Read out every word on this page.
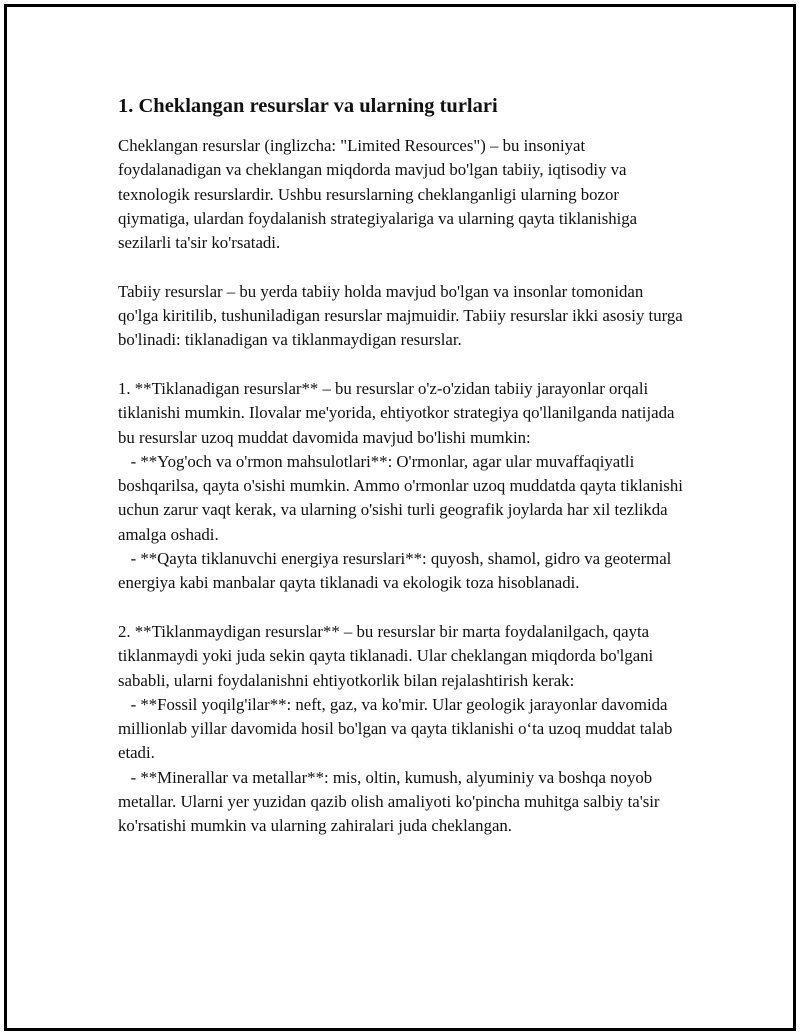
1. Cheklangan resurslar va ularning turlari

Cheklangan resurslar (inglizcha: "Limited Resources") – bu insoniyat foydalanadigan va cheklangan miqdorda mavjud bo'lgan tabiiy, iqtisodiy va texnologik resurslardir. Ushbu resurslarning cheklanganligi ularning bozor qiymatiga, ulardan foydalanish strategiyalariga va ularning qayta tiklanishiga sezilarli ta'sir ko'rsatadi.

Tabiiy resurslar – bu yerda tabiiy holda mavjud bo'lgan va insonlar tomonidan qo'lga kiritilib, tushuniladigan resurslar majmuidir. Tabiiy resurslar ikki asosiy turga bo'linadi: tiklanadigan va tiklanmaydigan resurslar.

1. **Tiklanadigan resurslar** – bu resurslar o'z-o'zidan tabiiy jarayonlar orqali tiklanishi mumkin. Ilovalar me'yorida, ehtiyotkor strategiya qo'llanilganda natijada bu resurslar uzoq muddat davomida mavjud bo'lishi mumkin:
- **Yog'och va o'rmon mahsulotlari**: O'rmonlar, agar ular muvaffaqiyatli boshqarilsa, qayta o'sishi mumkin. Ammo o'rmonlar uzoq muddatda qayta tiklanishi uchun zarur vaqt kerak, va ularning o'sishi turli geografik joylarda har xil tezlikda amalga oshadi.
- **Qayta tiklanuvchi energiya resurslari**: quyosh, shamol, gidro va geotermal energiya kabi manbalar qayta tiklanadi va ekologik toza hisoblanadi.

2. **Tiklanmaydigan resurslar** – bu resurslar bir marta foydalanilgach, qayta tiklanmaydi yoki juda sekin qayta tiklanadi. Ular cheklangan miqdorda bo'lgani sababli, ularni foydalanishni ehtiyotkorlik bilan rejalashtirish kerak:
- **Fossil yoqilg'ilar**: neft, gaz, va ko'mir. Ular geologik jarayonlar davomida millionlab yillar davomida hosil bo'lgan va qayta tiklanishi oʻta uzoq muddat talab etadi.
- **Minerallar va metallar**: mis, oltin, kumush, alyuminiy va boshqa noyob metallar. Ularni yer yuzidan qazib olish amaliyoti ko'pincha muhitga salbiy ta'sir ko'rsatishi mumkin va ularning zahiralari juda cheklangan.
